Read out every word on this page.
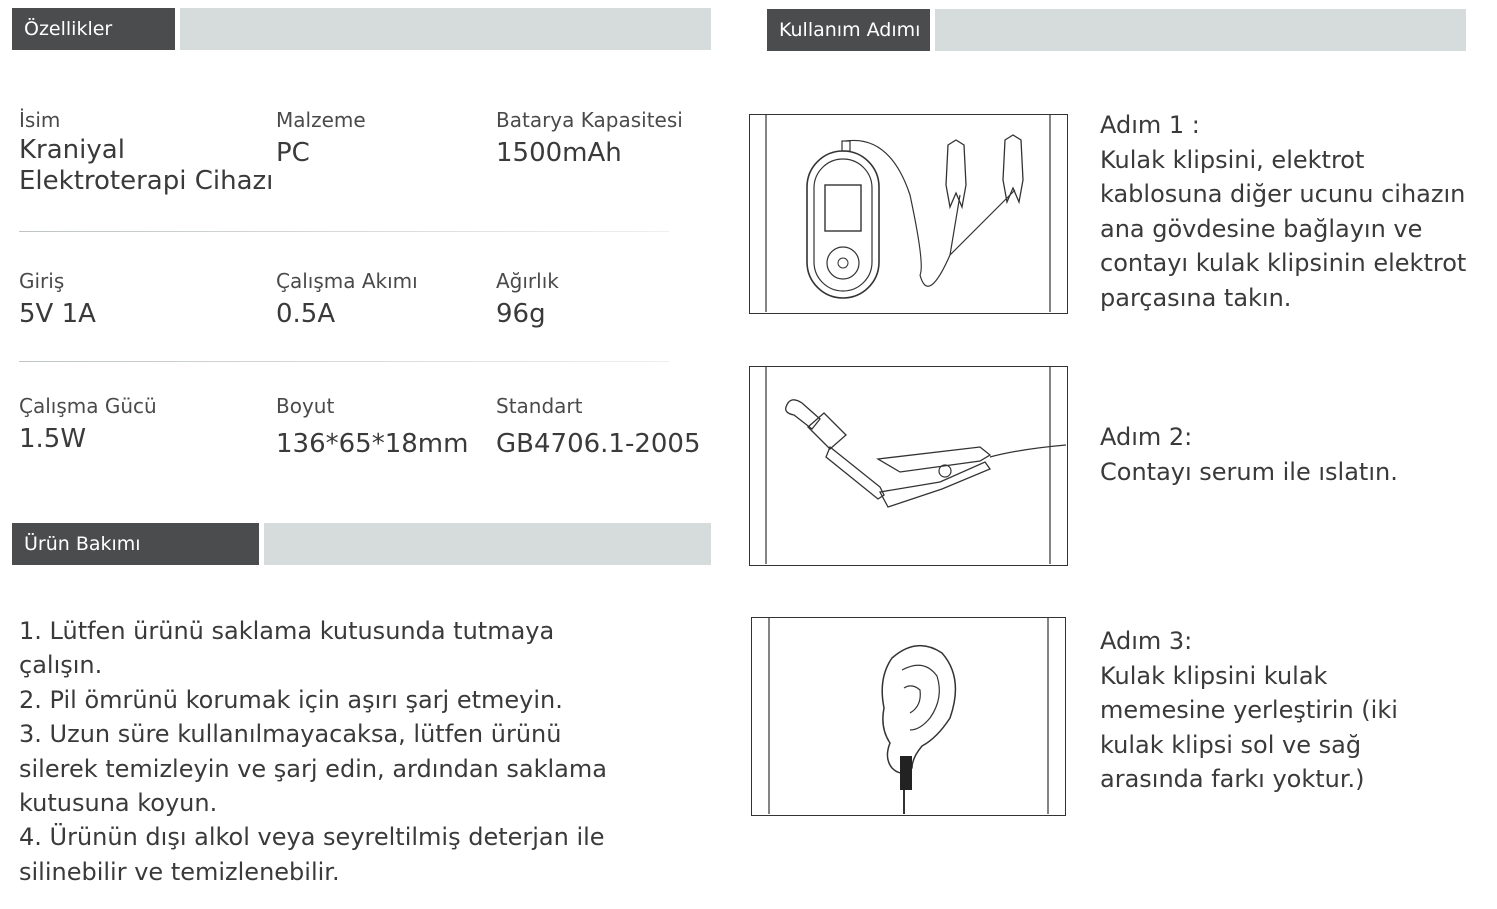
Özellikler
İsim
Kraniyal
Elektroterapi Cihazı
Malzeme
PC
Batarya Kapasitesi
1500mAh
Giriş
5V 1A
Çalışma Akımı
0.5A
Ağırlık
96g
Çalışma Gücü
1.5W
Boyut
136*65*18mm
Standart
GB4706.1-2005
Ürün Bakımı
1. Lütfen ürünü saklama kutusunda tutmaya
çalışın.
2. Pil ömrünü korumak için aşırı şarj etmeyin.
3. Uzun süre kullanılmayacaksa, lütfen ürünü
silerek temizleyin ve şarj edin, ardından saklama
kutusuna koyun.
4. Ürünün dışı alkol veya seyreltilmiş deterjan ile
silinebilir ve temizlenebilir.
Kullanım Adımı
Adım 1 :
Kulak klipsini, elektrot
kablosuna diğer ucunu cihazın
ana gövdesine bağlayın ve
contayı kulak klipsinin elektrot
parçasına takın.
Adım 2:
Contayı serum ile ıslatın.
Adım 3:
Kulak klipsini kulak
memesine yerleştirin (iki
kulak klipsi sol ve sağ
arasında farkı yoktur.)
